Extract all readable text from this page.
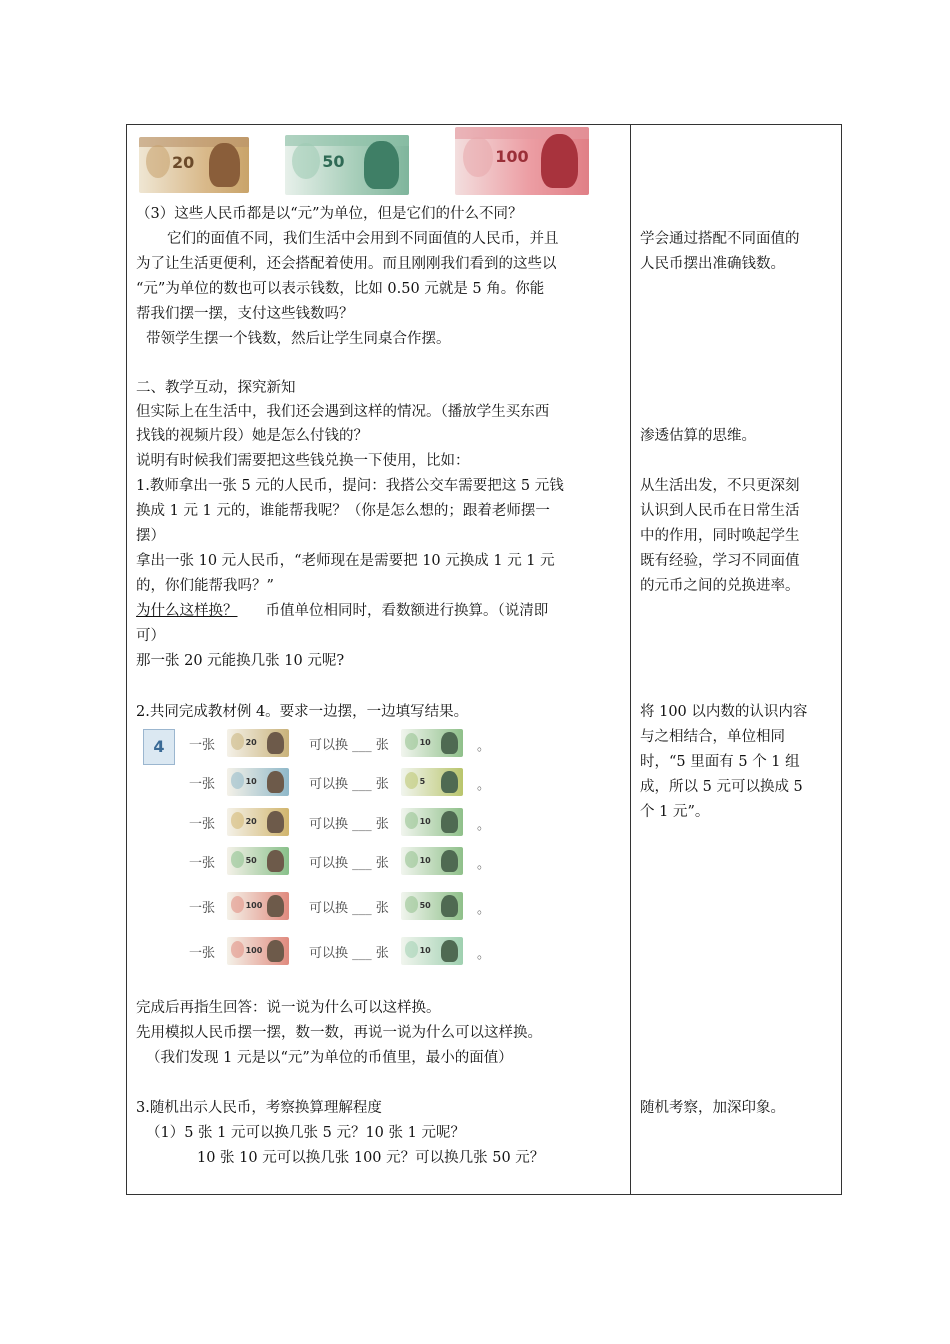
20	50	100
（3）这些人民币都是以“元”为单位，但是它们的什么不同？
它们的面值不同，我们生活中会用到不同面值的人民币，并且
为了让生活更便利，还会搭配着使用。而且刚刚我们看到的这些以
“元”为单位的数也可以表示钱数，比如 0.50 元就是 5 角。你能
帮我们摆一摆，支付这些钱数吗？
带领学生摆一个钱数，然后让学生同桌合作摆。
二、教学互动，探究新知
但实际上在生活中，我们还会遇到这样的情况。（播放学生买东西
找钱的视频片段）她是怎么付钱的？
说明有时候我们需要把这些钱兑换一下使用，比如：
1.教师拿出一张 5 元的人民币，提问：我搭公交车需要把这 5 元钱
换成 1 元 1 元的，谁能帮我呢？（你是怎么想的；跟着老师摆一
摆）
拿出一张 10 元人民币，“老师现在是需要把 10 元换成 1 元 1 元
的，你们能帮我吗？”
为什么这样换？ 币值单位相同时，看数额进行换算。（说清即
可）
那一张 20 元能换几张 10 元呢?
2.共同完成教材例 4。要求一边摆，一边填写结果。
4	一张	20	可以换 ___ 张	10	。
一张	10	可以换 ___ 张	5	。
一张	20	可以换 ___ 张	10	。
一张	50	可以换 ___ 张	10	。
一张	100	可以换 ___ 张	50	。
一张	100	可以换 ___ 张	10	。
完成后再指生回答：说一说为什么可以这样换。
先用模拟人民币摆一摆，数一数，再说一说为什么可以这样换。
（我们发现 1 元是以“元”为单位的币值里，最小的面值）
3.随机出示人民币，考察换算理解程度
（1）5 张 1 元可以换几张 5 元？10 张 1 元呢？
10 张 10 元可以换几张 100 元？可以换几张 50 元？
学会通过搭配不同面值的
人民币摆出准确钱数。
渗透估算的思维。
从生活出发，不只更深刻
认识到人民币在日常生活
中的作用，同时唤起学生
既有经验，学习不同面值
的元币之间的兑换进率。
将 100 以内数的认识内容
与之相结合，单位相同
时，“5 里面有 5 个 1 组
成，所以 5 元可以换成 5
个 1 元”。
随机考察，加深印象。
